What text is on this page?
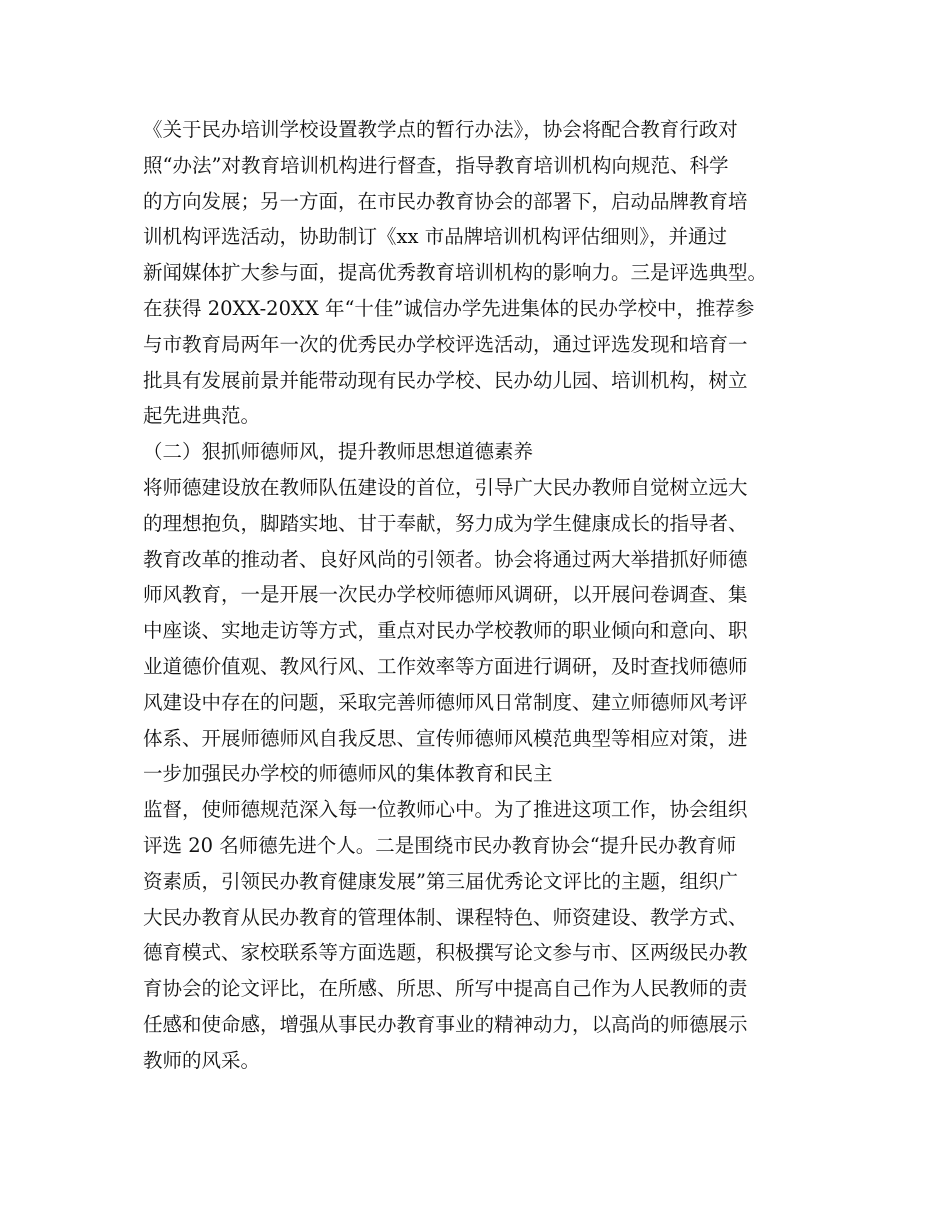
《关于民办培训学校设置教学点的暂行办法》，协会将配合教育行政对
照“办法”对教育培训机构进行督查，指导教育培训机构向规范、科学
的方向发展；另一方面，在市民办教育协会的部署下，启动品牌教育培
训机构评选活动，协助制订《xx 市品牌培训机构评估细则》，并通过
新闻媒体扩大参与面，提高优秀教育培训机构的影响力。三是评选典型。
在获得 20XX-20XX 年“十佳”诚信办学先进集体的民办学校中，推荐参
与市教育局两年一次的优秀民办学校评选活动，通过评选发现和培育一
批具有发展前景并能带动现有民办学校、民办幼儿园、培训机构，树立
起先进典范。
（二）狠抓师德师风，提升教师思想道德素养
将师德建设放在教师队伍建设的首位，引导广大民办教师自觉树立远大
的理想抱负，脚踏实地、甘于奉献，努力成为学生健康成长的指导者、
教育改革的推动者、良好风尚的引领者。协会将通过两大举措抓好师德
师风教育，一是开展一次民办学校师德师风调研，以开展问卷调查、集
中座谈、实地走访等方式，重点对民办学校教师的职业倾向和意向、职
业道德价值观、教风行风、工作效率等方面进行调研，及时查找师德师
风建设中存在的问题，采取完善师德师风日常制度、建立师德师风考评
体系、开展师德师风自我反思、宣传师德师风模范典型等相应对策，进
一步加强民办学校的师德师风的集体教育和民主
监督，使师德规范深入每一位教师心中。为了推进这项工作，协会组织
评选 20 名师德先进个人。二是围绕市民办教育协会“提升民办教育师
资素质，引领民办教育健康发展”第三届优秀论文评比的主题，组织广
大民办教育从民办教育的管理体制、课程特色、师资建设、教学方式、
德育模式、家校联系等方面选题，积极撰写论文参与市、区两级民办教
育协会的论文评比，在所感、所思、所写中提高自己作为人民教师的责
任感和使命感，增强从事民办教育事业的精神动力，以高尚的师德展示
教师的风采。
